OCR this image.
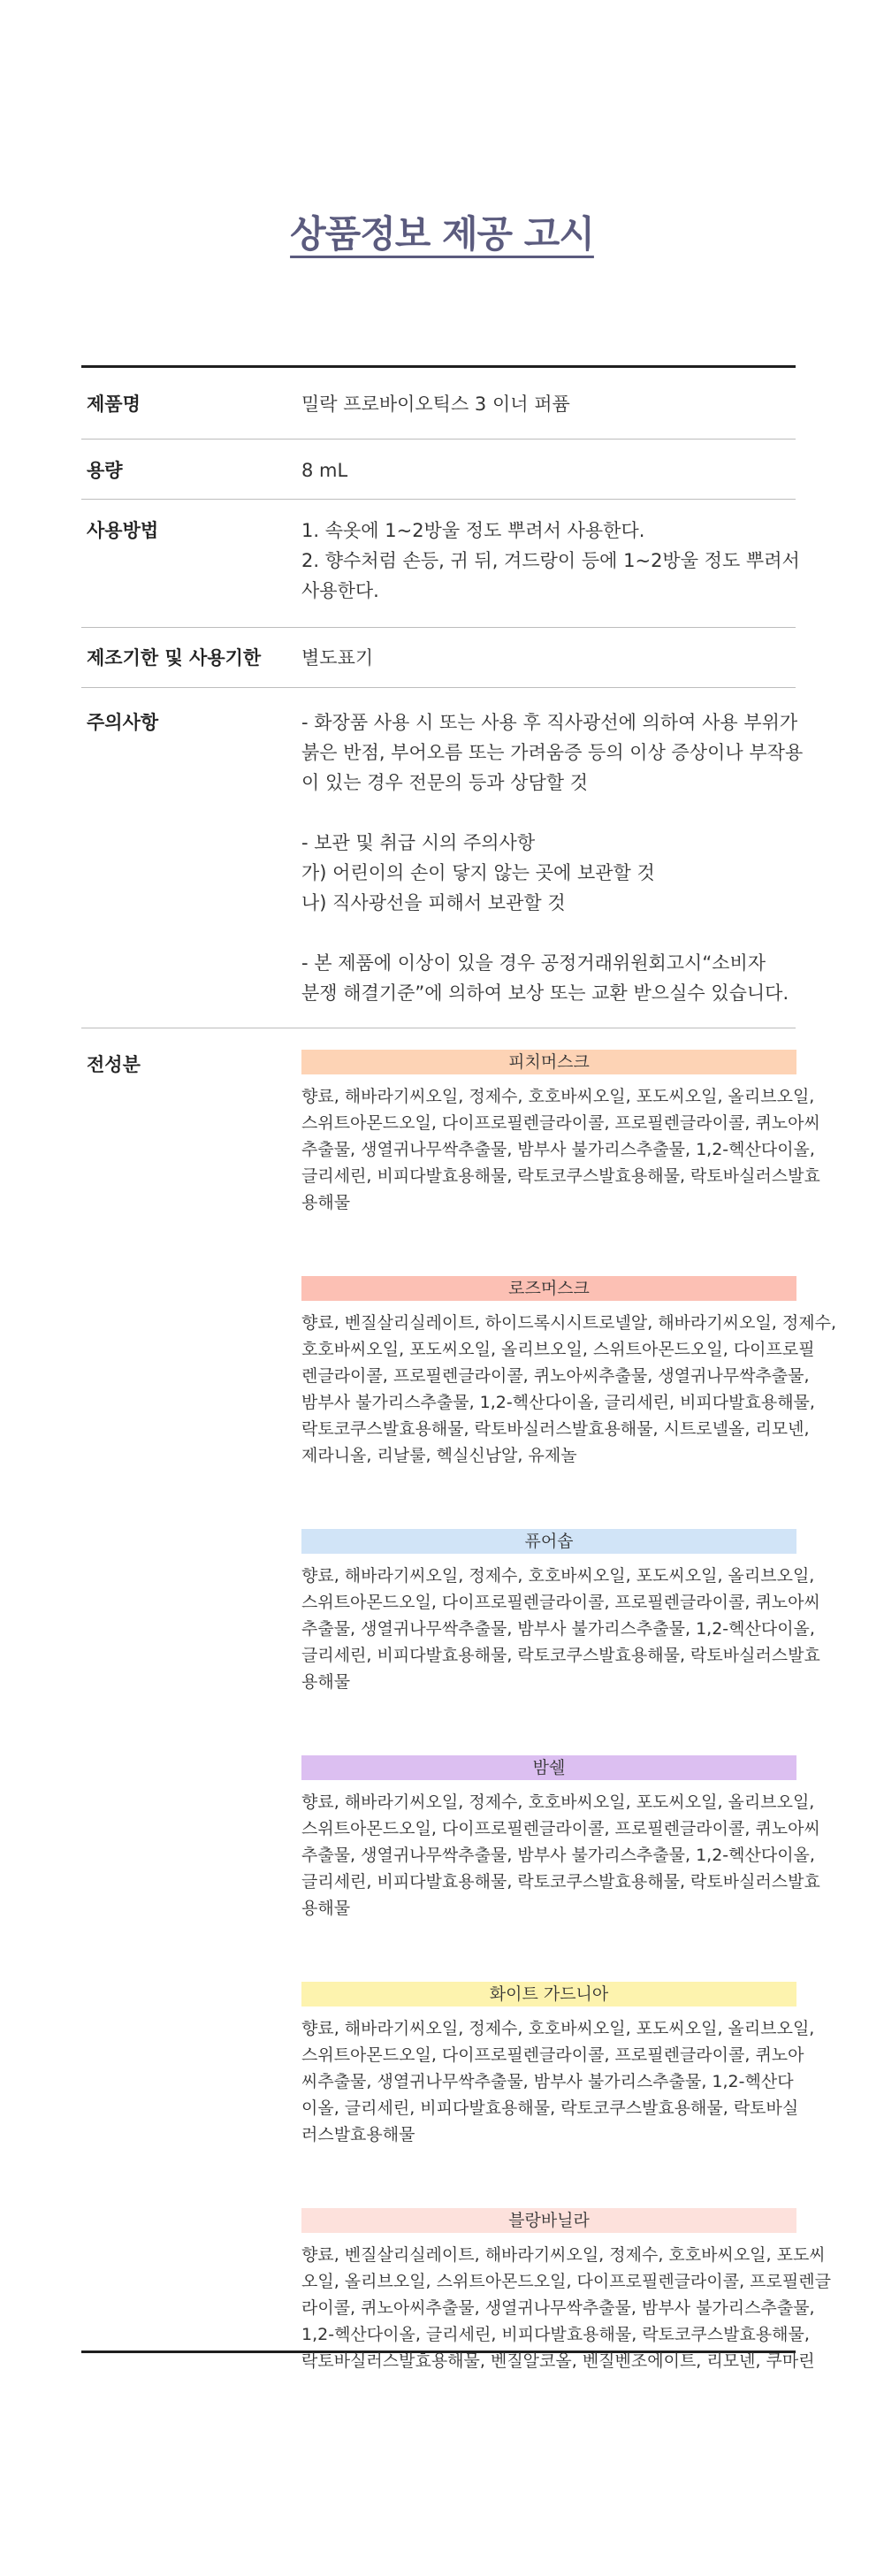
상품정보 제공 고시
제품명	밀락 프로바이오틱스 3 이너 퍼퓸
용량	8 mL
사용방법	1. 속옷에 1~2방울 정도 뿌려서 사용한다.
2. 향수처럼 손등, 귀 뒤, 겨드랑이 등에 1~2방울 정도 뿌려서
사용한다.
제조기한 및 사용기한	별도표기
주의사항	- 화장품 사용 시 또는 사용 후 직사광선에 의하여 사용 부위가
붉은 반점, 부어오름 또는 가려움증 등의 이상 증상이나 부작용
이 있는 경우 전문의 등과 상담할 것
- 보관 및 취급 시의 주의사항
가) 어린이의 손이 닿지 않는 곳에 보관할 것
나) 직사광선을 피해서 보관할 것
- 본 제품에 이상이 있을 경우 공정거래위원회고시“소비자
분쟁 해결기준”에 의하여 보상 또는 교환 받으실수 있습니다.
전성분	피치머스크
향료, 해바라기씨오일, 정제수, 호호바씨오일, 포도씨오일, 올리브오일,
스위트아몬드오일, 다이프로필렌글라이콜, 프로필렌글라이콜, 퀴노아씨
추출물, 생열귀나무싹추출물, 밤부사 불가리스추출물, 1,2-헥산다이올,
글리세린, 비피다발효용해물, 락토코쿠스발효용해물, 락토바실러스발효
용해물
로즈머스크
향료, 벤질살리실레이트, 하이드록시시트로넬알, 해바라기씨오일, 정제수,
호호바씨오일, 포도씨오일, 올리브오일, 스위트아몬드오일, 다이프로필
렌글라이콜, 프로필렌글라이콜, 퀴노아씨추출물, 생열귀나무싹추출물,
밤부사 불가리스추출물, 1,2-헥산다이올, 글리세린, 비피다발효용해물,
락토코쿠스발효용해물, 락토바실러스발효용해물, 시트로넬올, 리모넨,
제라니올, 리날룰, 헥실신남알, 유제놀
퓨어솝
향료, 해바라기씨오일, 정제수, 호호바씨오일, 포도씨오일, 올리브오일,
스위트아몬드오일, 다이프로필렌글라이콜, 프로필렌글라이콜, 퀴노아씨
추출물, 생열귀나무싹추출물, 밤부사 불가리스추출물, 1,2-헥산다이올,
글리세린, 비피다발효용해물, 락토코쿠스발효용해물, 락토바실러스발효
용해물
밤쉘
향료, 해바라기씨오일, 정제수, 호호바씨오일, 포도씨오일, 올리브오일,
스위트아몬드오일, 다이프로필렌글라이콜, 프로필렌글라이콜, 퀴노아씨
추출물, 생열귀나무싹추출물, 밤부사 불가리스추출물, 1,2-헥산다이올,
글리세린, 비피다발효용해물, 락토코쿠스발효용해물, 락토바실러스발효
용해물
화이트 가드니아
향료, 해바라기씨오일, 정제수, 호호바씨오일, 포도씨오일, 올리브오일,
스위트아몬드오일, 다이프로필렌글라이콜, 프로필렌글라이콜, 퀴노아
씨추출물, 생열귀나무싹추출물, 밤부사 불가리스추출물, 1,2-헥산다
이올, 글리세린, 비피다발효용해물, 락토코쿠스발효용해물, 락토바실
러스발효용해물
블랑바닐라
향료, 벤질살리실레이트, 해바라기씨오일, 정제수, 호호바씨오일, 포도씨
오일, 올리브오일, 스위트아몬드오일, 다이프로필렌글라이콜, 프로필렌글
라이콜, 퀴노아씨추출물, 생열귀나무싹추출물, 밤부사 불가리스추출물,
1,2-헥산다이올, 글리세린, 비피다발효용해물, 락토코쿠스발효용해물,
락토바실러스발효용해물, 벤질알코올, 벤질벤조에이트, 리모넨, 쿠마린
